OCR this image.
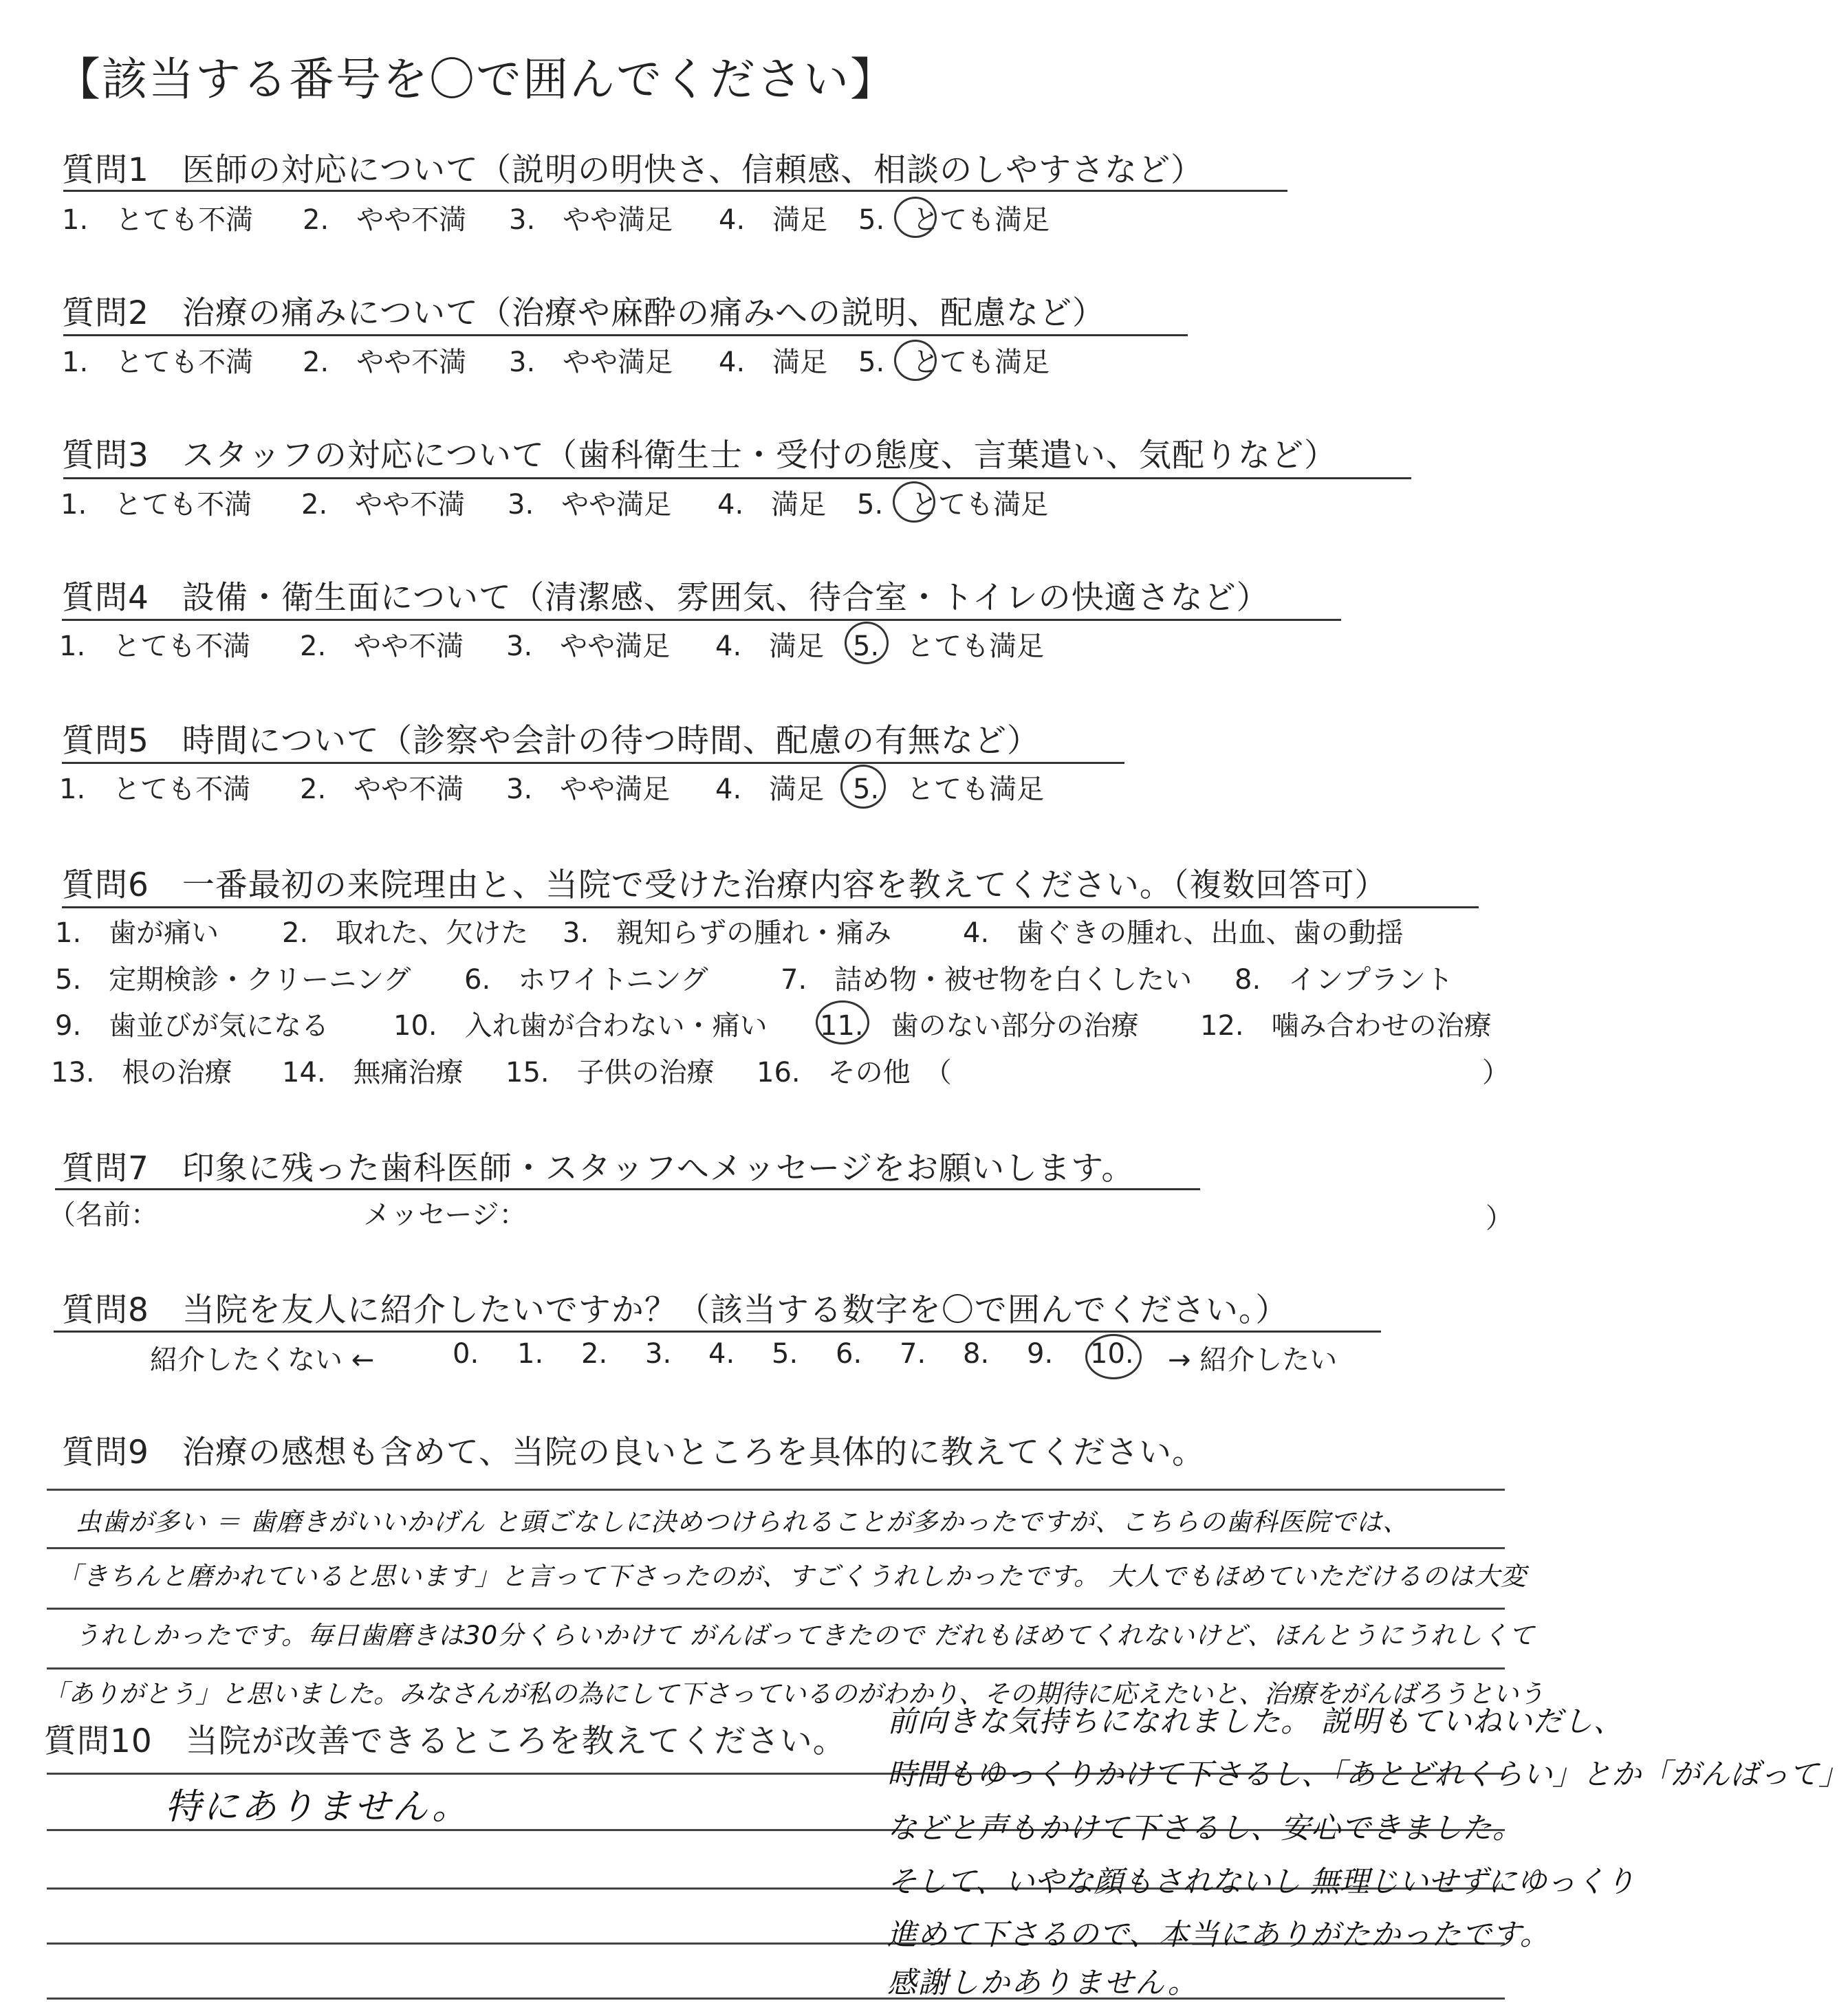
【該当する番号を〇で囲んでください】
質問1　医師の対応について（説明の明快さ、信頼感、相談のしやすさなど）
1.　とても不満 2.　やや不満 3.　やや満足 4.　満足 5.　とても満足
質問2　治療の痛みについて（治療や麻酔の痛みへの説明、配慮など）
1.　とても不満 2.　やや不満 3.　やや満足 4.　満足 5.　とても満足
質問3　スタッフの対応について（歯科衛生士・受付の態度、言葉遣い、気配りなど）
1.　とても不満 2.　やや不満 3.　やや満足 4.　満足 5.　とても満足
質問4　設備・衛生面について（清潔感、雰囲気、待合室・トイレの快適さなど）
1.　とても不満 2.　やや不満 3.　やや満足 4.　満足 5.　とても満足
質問5　時間について（診察や会計の待つ時間、配慮の有無など）
1.　とても不満 2.　やや不満 3.　やや満足 4.　満足 5.　とても満足
質問6　一番最初の来院理由と、当院で受けた治療内容を教えてください。（複数回答可）
1.　歯が痛い 2.　取れた、欠けた 3.　親知らずの腫れ・痛み	4.　歯ぐきの腫れ、出血、歯の動揺
5.　定期検診・クリーニング 6.　ホワイトニング	7.　詰め物・被せ物を白くしたい 8.　インプラント
9.　歯並びが気になる 10.　入れ歯が合わない・痛い 11.　歯のない部分の治療 12.　噛み合わせの治療
13.　根の治療 14.　無痛治療 15.　子供の治療 16.　その他　（	）
質問7　印象に残った歯科医師・スタッフへメッセージをお願いします。
（名前：	メッセージ：	）
質問8　当院を友人に紹介したいですか？（該当する数字を〇で囲んでください。）
紹介したくない ←	0. 1. 2. 3. 4. 5. 6. 7. 8. 9. 10. → 紹介したい
質問9　治療の感想も含めて、当院の良いところを具体的に教えてください。
虫歯が多い ＝ 歯磨きがいいかげん と頭ごなしに決めつけられることが多かったですが、こちらの歯科医院では、
「きちんと磨かれていると思います」と言って下さったのが、すごくうれしかったです。 大人でもほめていただけるのは大変
うれしかったです。毎日歯磨きは30分くらいかけて がんばってきたので だれもほめてくれないけど、ほんとうにうれしくて
「ありがとう」と思いました。みなさんが私の為にして下さっているのがわかり、その期待に応えたいと、治療をがんばろうという
質問10　当院が改善できるところを教えてください。
特にありません。
前向きな気持ちになれました。 説明もていねいだし、
時間もゆっくりかけて下さるし、「あとどれくらい」とか「がんばって」
などと声もかけて下さるし、安心できました。
そして、いやな顔もされないし 無理じいせずにゆっくり
進めて下さるので、本当にありがたかったです。
感謝しかありません。
